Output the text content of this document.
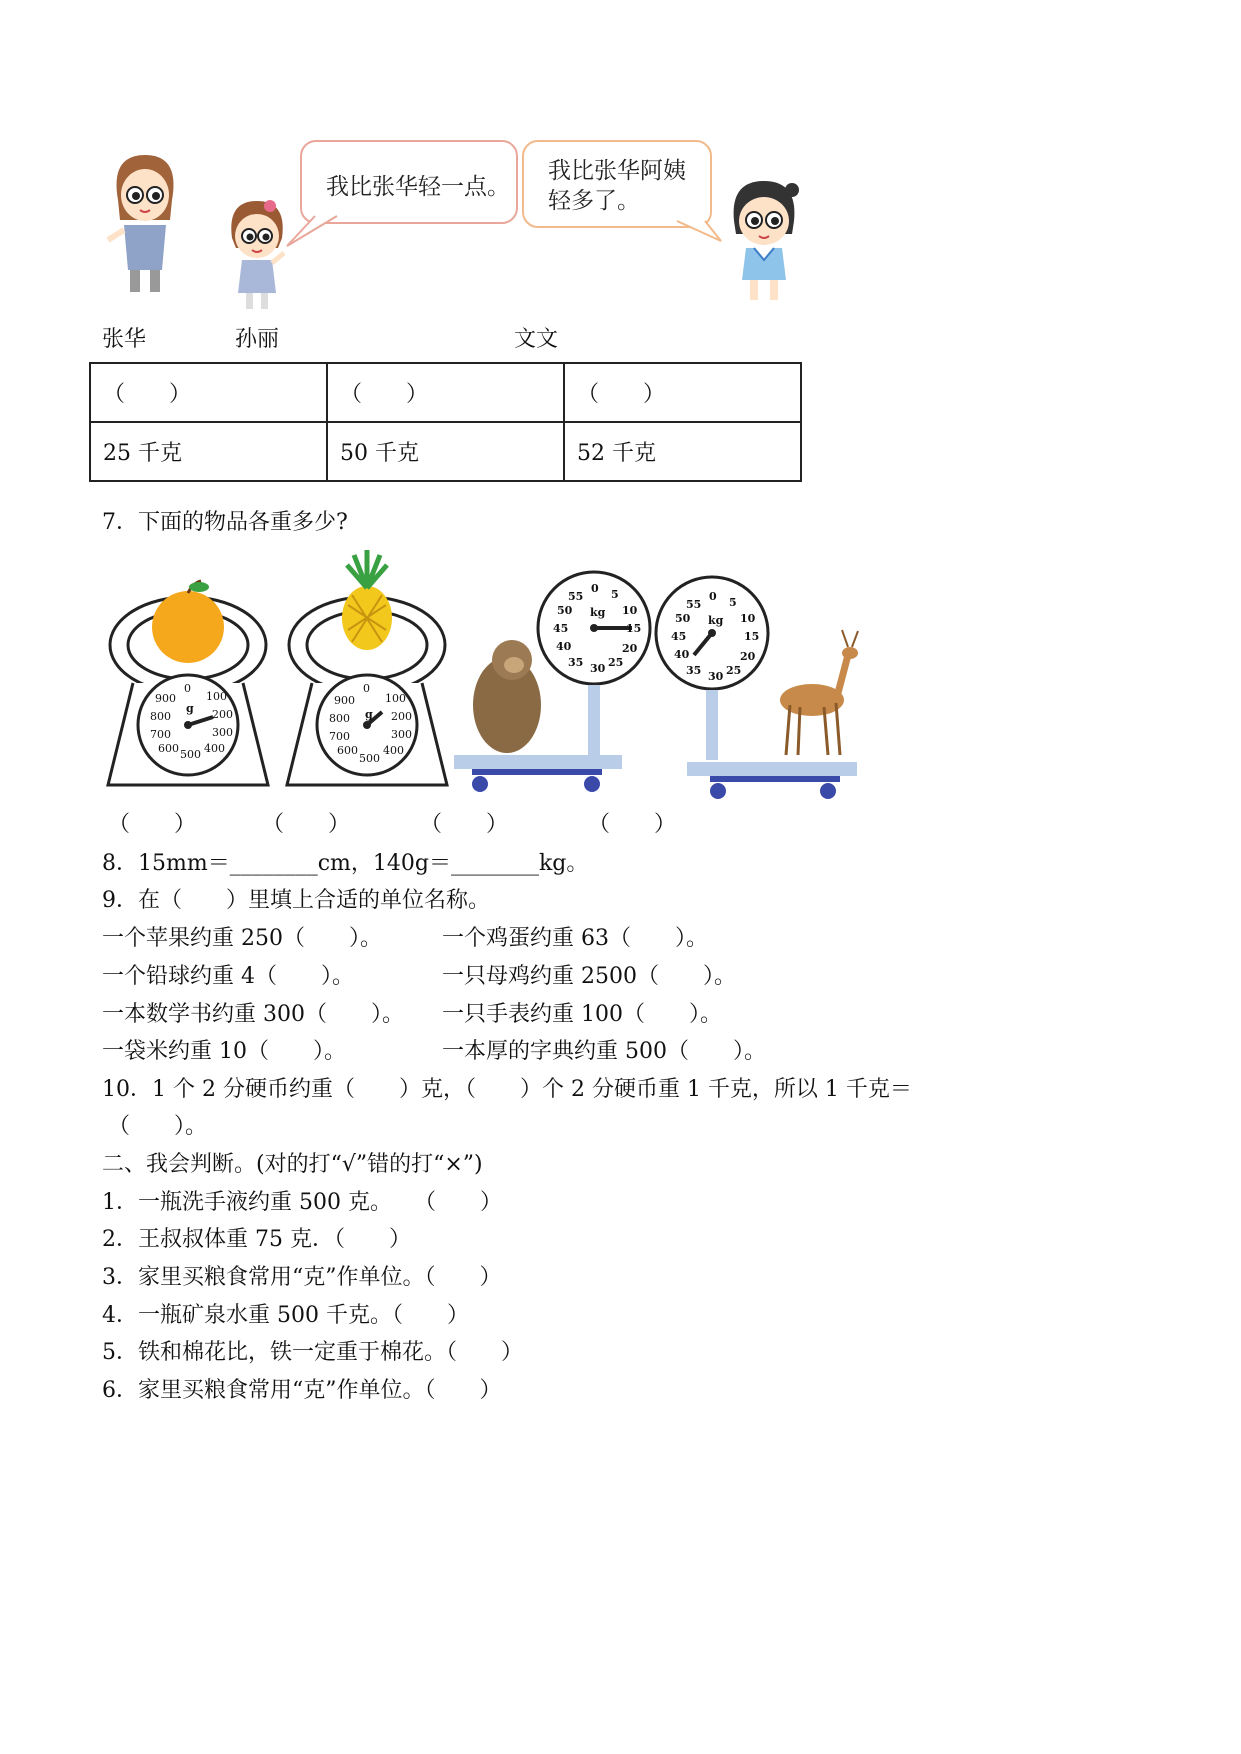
我比张华轻一点。
我比张华阿姨
轻多了。
张华	孙丽	文文
（　　）	（　　）	（　　）
25 千克	50 千克	52 千克
7．下面的物品各重多少?
0
100
200
300
400
500
600
700
800
900
g
0
100
200
300
400
500
600
700
800
900
g
0 5
10
15
20
25
30
35
40
45
50
55
kg
0 5
10
15
20
25
30
35
40
45
50
55
kg
（　　）	（　　）	（　　）	（　　）
8．15mm＝________cm，140g＝________kg。
9．在（　　）里填上合适的单位名称。
一个苹果约重 250（　　）。	一个鸡蛋约重 63（　　）。
一个铅球约重 4（　　）。	一只母鸡约重 2500（　　）。
一本数学书约重 300（　　）。 一只手表约重 100（　　）。
一袋米约重 10（　　）。	一本厚的字典约重 500（　　）。
10．1 个 2 分硬币约重（　　）克，（　　）个 2 分硬币重 1 千克，所以 1 千克＝
（　　）。
二、我会判断。(对的打“√”错的打“×”)
1．一瓶洗手液约重 500 克。　　（　　）
2．王叔叔体重 75 克．（　　）
3．家里买粮食常用“克”作单位。（　　）
4．一瓶矿泉水重 500 千克。（　　）
5．铁和棉花比，铁一定重于棉花。（　　）
6．家里买粮食常用“克”作单位。（　　）
